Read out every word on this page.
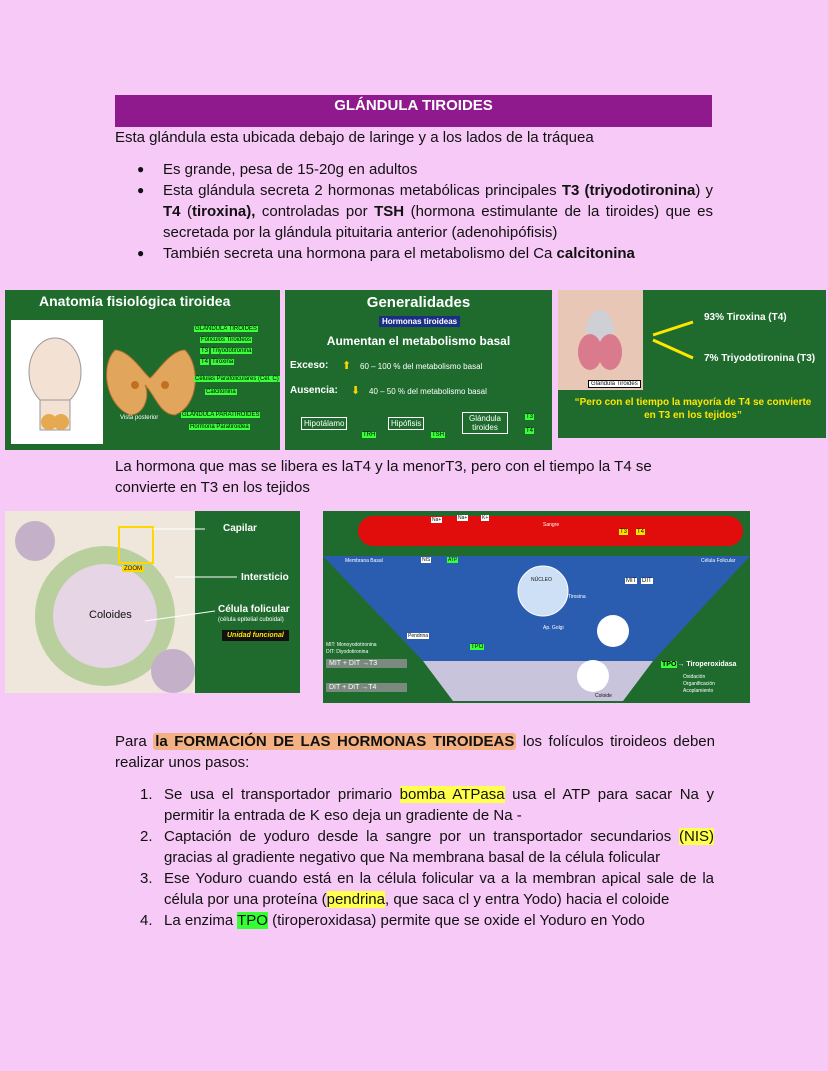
GLÁNDULA TIROIDES
Esta glándula esta ubicada debajo de laringe y a los lados de la tráquea
● Es grande, pesa de 15-20g en adultos
● Esta glándula secreta 2 hormonas metabólicas principales T3 (triyodotironina) y T4 (tiroxina), controladas por TSH (hormona estimulante de la tiroides) que es secretada por la glándula pituitaria anterior (adenohipófisis)
● También secreta una hormona para el metabolismo del Ca calcitonina
Anatomía fisiológica tiroidea
GLÁNDULA TIROIDES
Folículos Tiroideos
T3 Triyodotironina
T4 Tiroxina
Células Parafoliculares (Cel. C)
Calcitonina
GLÁNDULA PARATIROIDES
Hormona Paratiroidea
Vista posterior
Generalidades
Hormonas tiroideas
Aumentan el metabolismo basal
Exceso: ⬆ 60 – 100 % del metabolismo basal
Ausencia: ⬇ 40 – 50 % del metabolismo basal
Hipotálamo	Hipófisis
Glándula tiroides
TRH	TSH
T3
T4
93% Tiroxina (T4)
7% Triyodotironina (T3)
Glándula Tiroides
“Pero con el tiempo la mayoría de T4 se convierte en T3 en los tejidos”
La hormona que mas se libera es laT4 y la menorT3, pero con el tiempo la T4 se convierte en T3 en los tejidos
ZOOM
Capilar
Intersticio
Coloides	Célula folicular
(célula epitelial cuboidal)
Unidad funcional
Sangre
Membrana Basal	Célula Folicular
NÚCLEO
Tirosina
Ap. Golgi
MIT DIT
TPO
Pendrina
Coloide
MIT: Monoyodotironina
DIT: Diyodotironina
MIT + DIT →T3
DIT + DIT →T4
TPO→ Tiroperoxidasa
Oxidación
Organificación
Acoplamiento
Na+	Na+	K+
ATP
NIS
T3 T4
Para la FORMACIÓN DE LAS HORMONAS TIROIDEAS los folículos tiroideos deben realizar unos pasos:
1. Se usa el transportador primario bomba ATPasa usa el ATP para sacar Na y permitir la entrada de K eso deja un gradiente de Na -
2. Captación de yoduro desde la sangre por un transportador secundarios (NIS) gracias al gradiente negativo que Na membrana basal de la célula folicular
3. Ese Yoduro cuando está en la célula folicular va a la membran apical sale de la célula por una proteína (pendrina, que saca cl y entra Yodo) hacia el coloide
4. La enzima TPO (tiroperoxidasa) permite que se oxide el Yoduro en Yodo
